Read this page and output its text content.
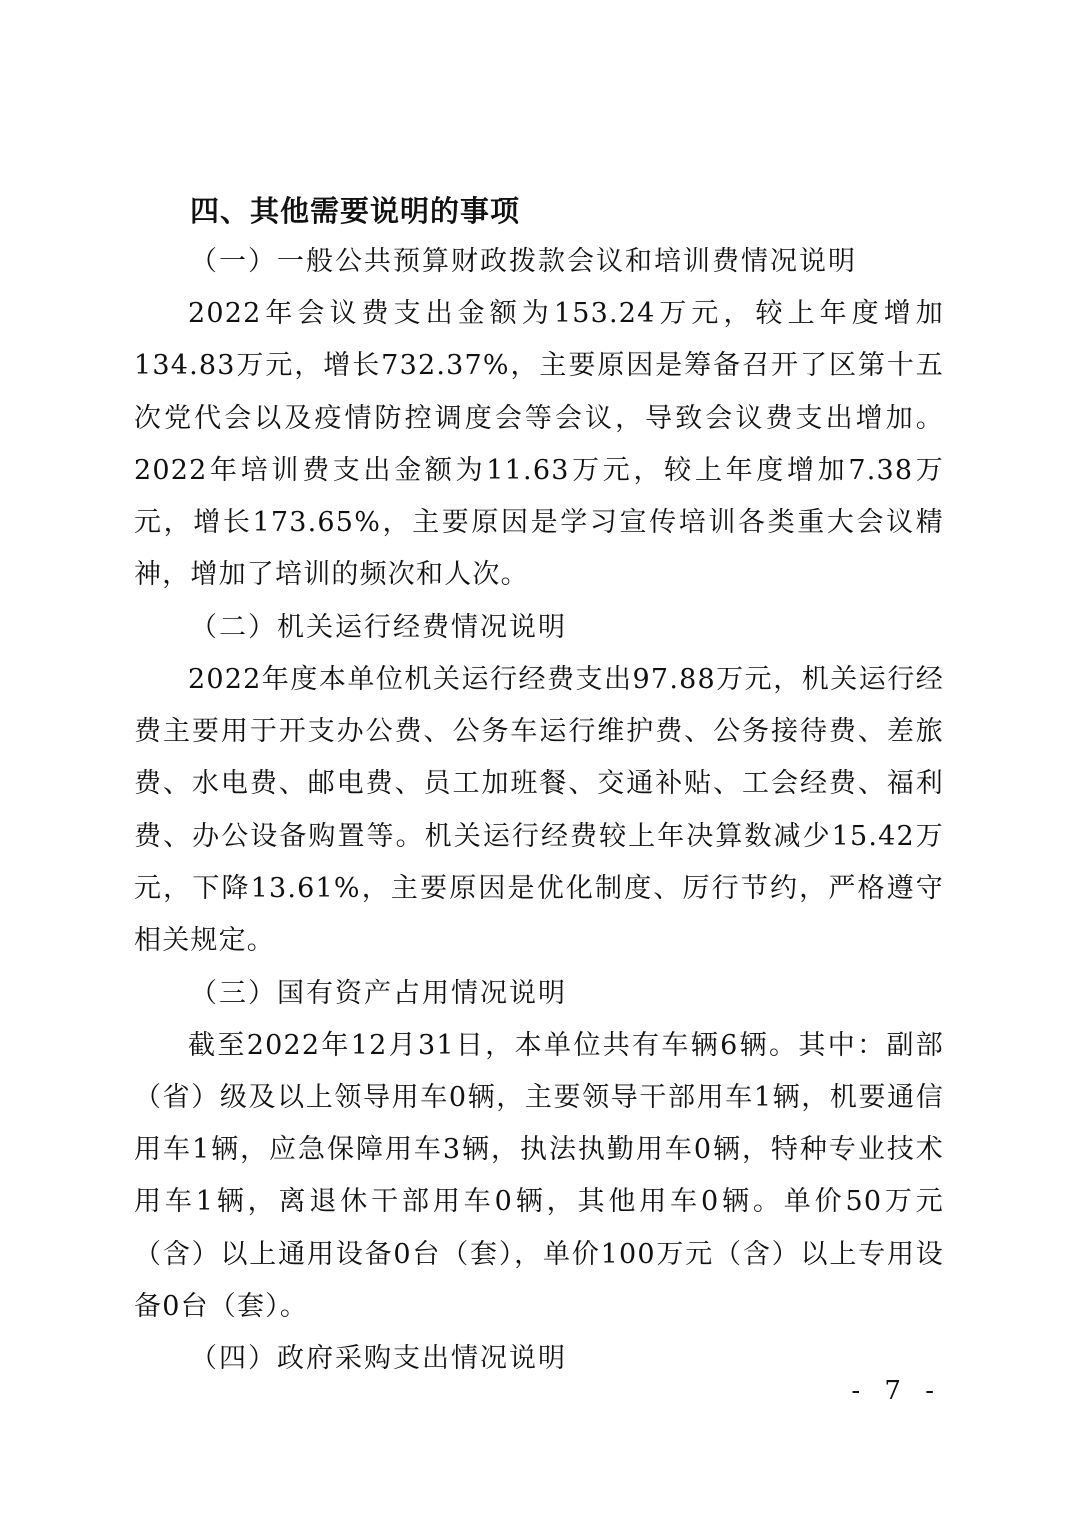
四、其他需要说明的事项
（一）一般公共预算财政拨款会议和培训费情况说明

2022年会议费支出金额为153.24万元，较上年度增加134.83万元，增长732.37%，主要原因是筹备召开了区第十五次党代会以及疫情防控调度会等会议，导致会议费支出增加。2022年培训费支出金额为11.63万元，较上年度增加7.38万元，增长173.65%，主要原因是学习宣传培训各类重大会议精神，增加了培训的频次和人次。

（二）机关运行经费情况说明

2022年度本单位机关运行经费支出97.88万元，机关运行经费主要用于开支办公费、公务车运行维护费、公务接待费、差旅费、水电费、邮电费、员工加班餐、交通补贴、工会经费、福利费、办公设备购置等。机关运行经费较上年决算数减少15.42万元，下降13.61%，主要原因是优化制度、厉行节约，严格遵守相关规定。

（三）国有资产占用情况说明

截至2022年12月31日，本单位共有车辆6辆。其中：副部（省）级及以上领导用车0辆，主要领导干部用车1辆，机要通信用车1辆，应急保障用车3辆，执法执勤用车0辆，特种专业技术用车1辆，离退休干部用车0辆，其他用车0辆。单价50万元（含）以上通用设备0台（套），单价100万元（含）以上专用设备0台（套）。

（四）政府采购支出情况说明
- 7 -
